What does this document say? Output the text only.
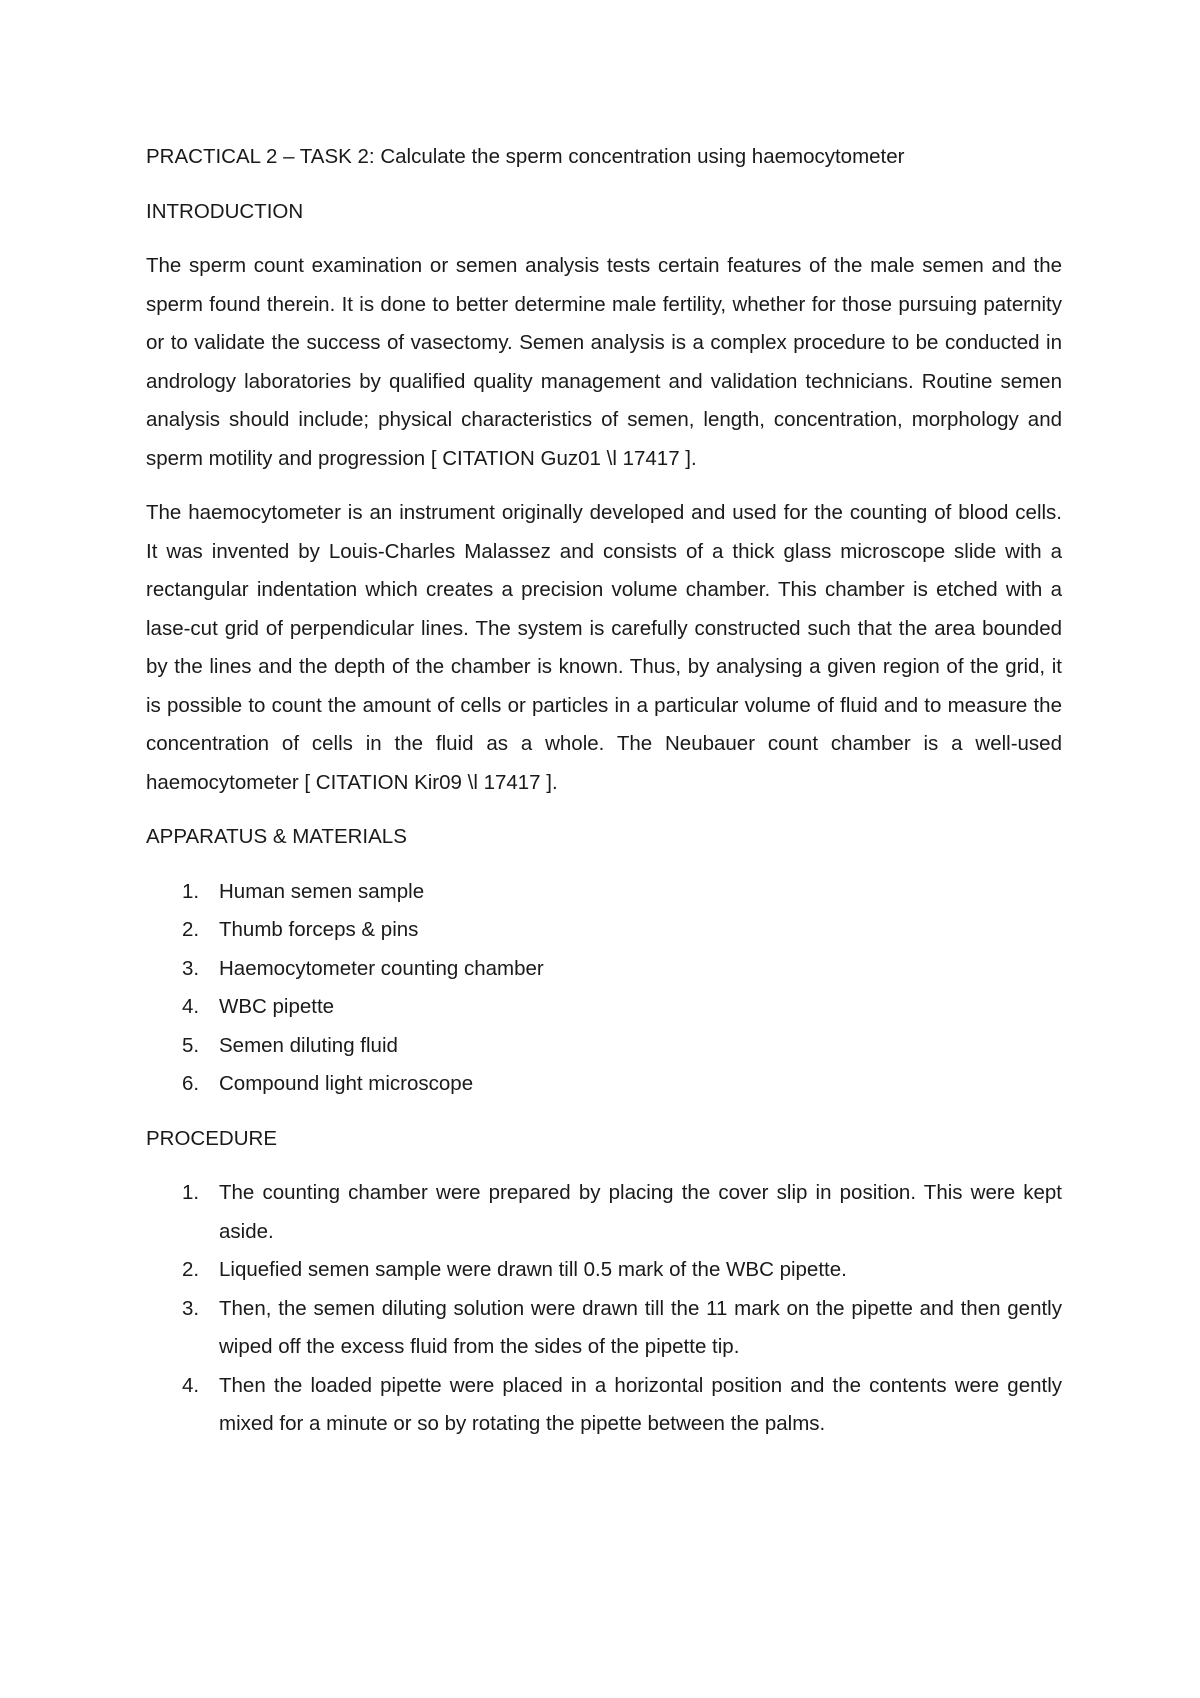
PRACTICAL 2 – TASK 2: Calculate the sperm concentration using haemocytometer

INTRODUCTION

The sperm count examination or semen analysis tests certain features of the male semen and the sperm found therein. It is done to better determine male fertility, whether for those pursuing paternity or to validate the success of vasectomy. Semen analysis is a complex procedure to be conducted in andrology laboratories by qualified quality management and validation technicians. Routine semen analysis should include; physical characteristics of semen, length, concentration, morphology and sperm motility and progression [ CITATION Guz01 \l 17417 ].

The haemocytometer is an instrument originally developed and used for the counting of blood cells. It was invented by Louis-Charles Malassez and consists of a thick glass microscope slide with a rectangular indentation which creates a precision volume chamber. This chamber is etched with a lase-cut grid of perpendicular lines. The system is carefully constructed such that the area bounded by the lines and the depth of the chamber is known. Thus, by analysing a given region of the grid, it is possible to count the amount of cells or particles in a particular volume of fluid and to measure the concentration of cells in the fluid as a whole. The Neubauer count chamber is a well-used haemocytometer [ CITATION Kir09 \l 17417 ].

APPARATUS & MATERIALS

1. Human semen sample
2. Thumb forceps & pins
3. Haemocytometer counting chamber
4. WBC pipette
5. Semen diluting fluid
6. Compound light microscope

PROCEDURE

1. The counting chamber were prepared by placing the cover slip in position. This were kept aside.
2. Liquefied semen sample were drawn till 0.5 mark of the WBC pipette.
3. Then, the semen diluting solution were drawn till the 11 mark on the pipette and then gently wiped off the excess fluid from the sides of the pipette tip.
4. Then the loaded pipette were placed in a horizontal position and the contents were gently mixed for a minute or so by rotating the pipette between the palms.
